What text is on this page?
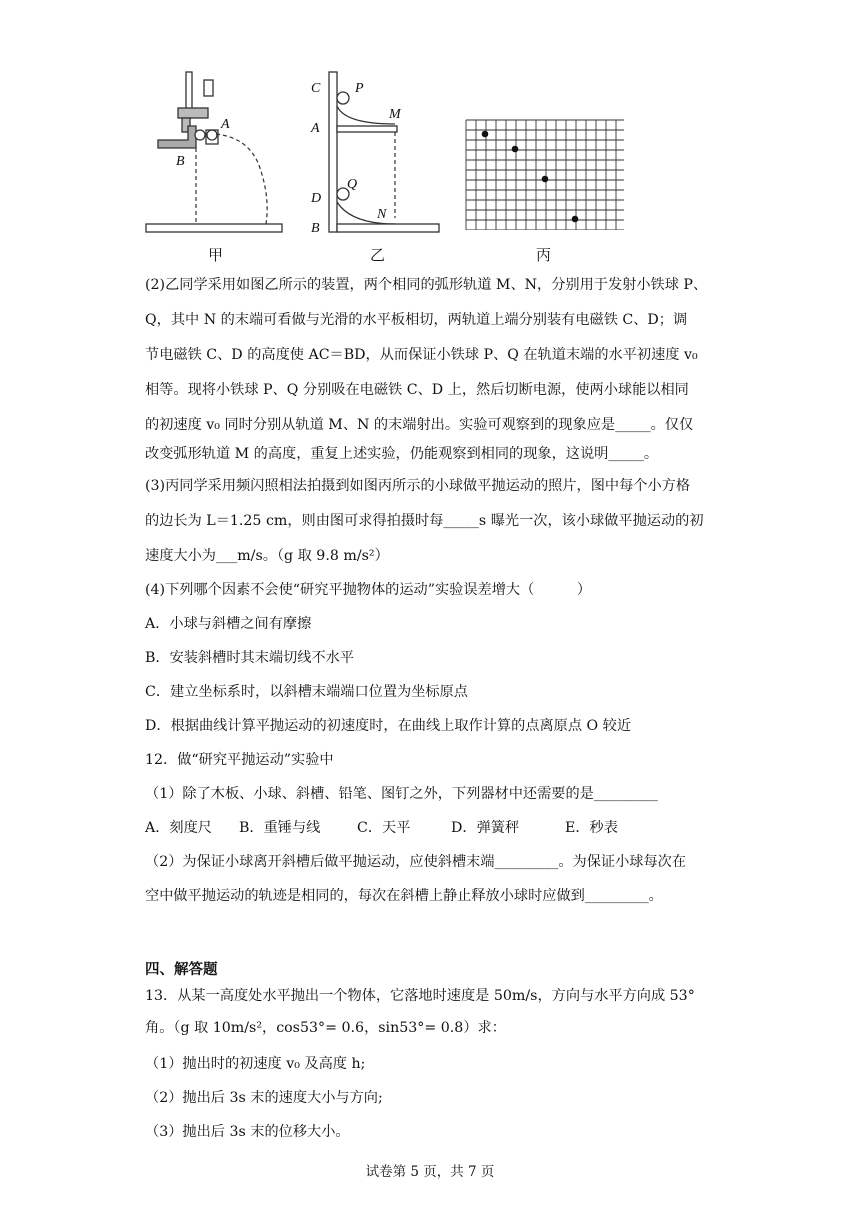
A
B
甲
C P
A
M
D
Q
B
N
乙	丙
(2)乙同学采用如图乙所示的装置，两个相同的弧形轨道 M、N，分别用于发射小铁球 P、
Q，其中 N 的末端可看做与光滑的水平板相切，两轨道上端分别装有电磁铁 C、D；调
节电磁铁 C、D 的高度使 AC＝BD，从而保证小铁球 P、Q 在轨道末端的水平初速度 v₀
相等。现将小铁球 P、Q 分别吸在电磁铁 C、D 上，然后切断电源，使两小球能以相同
的初速度 v₀ 同时分别从轨道 M、N 的末端射出。实验可观察到的现象应是_____。仅仅
改变弧形轨道 M 的高度，重复上述实验，仍能观察到相同的现象，这说明_____。
(3)丙同学采用频闪照相法拍摄到如图丙所示的小球做平抛运动的照片，图中每个小方格
的边长为 L＝1.25 cm，则由图可求得拍摄时每_____s 曝光一次，该小球做平抛运动的初
速度大小为___m/s。（g 取 9.8 m/s²）
(4)下列哪个因素不会使“研究平抛物体的运动”实验误差增大（　　　）
A．小球与斜槽之间有摩擦
B．安装斜槽时其末端切线不水平
C．建立坐标系时，以斜槽末端端口位置为坐标原点
D．根据曲线计算平抛运动的初速度时，在曲线上取作计算的点离原点 O 较近
12．做“研究平抛运动”实验中
（1）除了木板、小球、斜槽、铅笔、图钉之外，下列器材中还需要的是_________
A．刻度尺 B．重锤与线	C．天平	D．弹簧秤	E．秒表
（2）为保证小球离开斜槽后做平抛运动，应使斜槽末端_________。为保证小球每次在
空中做平抛运动的轨迹是相同的，每次在斜槽上静止释放小球时应做到_________。
四、解答题
13．从某一高度处水平抛出一个物体，它落地时速度是 50m/s，方向与水平方向成 53°
角。（g 取 10m/s²，cos53°= 0.6，sin53°= 0.8）求：
（1）抛出时的初速度 v₀ 及高度 h;
（2）抛出后 3s 末的速度大小与方向;
（3）抛出后 3s 末的位移大小。
试卷第 5 页，共 7 页
